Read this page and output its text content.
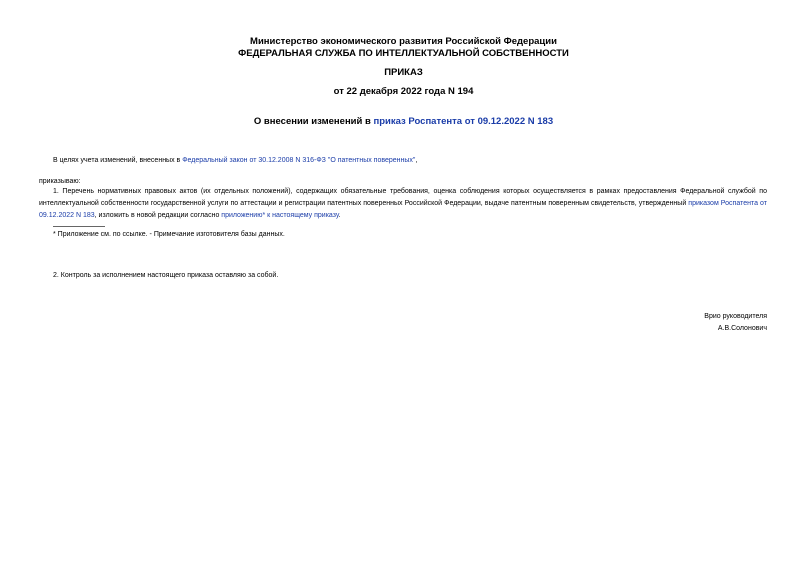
Министерство экономического развития Российской Федерации
ФЕДЕРАЛЬНАЯ СЛУЖБА ПО ИНТЕЛЛЕКТУАЛЬНОЙ СОБСТВЕННОСТИ
ПРИКАЗ
от 22 декабря 2022 года N 194
О внесении изменений в приказ Роспатента от 09.12.2022 N 183
В целях учета изменений, внесенных в Федеральный закон от 30.12.2008 N 316-ФЗ "О патентных поверенных",
приказываю:
1. Перечень нормативных правовых актов (их отдельных положений), содержащих обязательные требования, оценка соблюдения которых осуществляется в рамках предоставления Федеральной службой по интеллектуальной собственности государственной услуги по аттестации и регистрации патентных поверенных Российской Федерации, выдаче патентным поверенным свидетельств, утвержденный приказом Роспатента от 09.12.2022 N 183, изложить в новой редакции согласно приложению* к настоящему приказу.
* Приложение см. по ссылке. - Примечание изготовителя базы данных.
2. Контроль за исполнением настоящего приказа оставляю за собой.
Врио руководителя
А.В.Солонович
